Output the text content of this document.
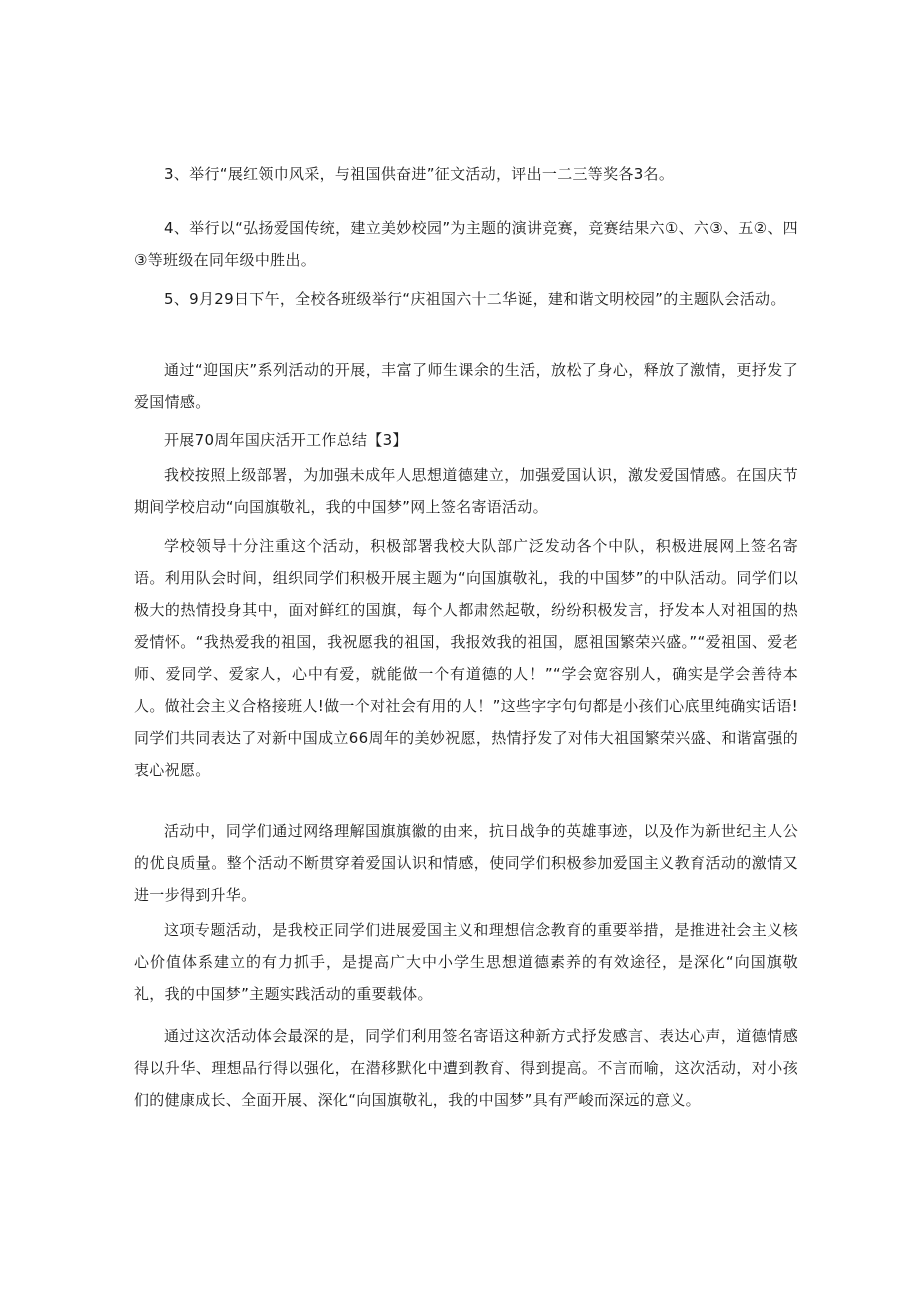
3、举行“展红领巾风采，与祖国供奋进”征文活动，评出一二三等奖各3名。

4、举行以“弘扬爱国传统，建立美妙校园”为主题的演讲竞赛，竞赛结果六①、六③、五②、四③等班级在同年级中胜出。

5、9月29日下午，全校各班级举行“庆祖国六十二华诞，建和谐文明校园”的主题队会活动。

通过“迎国庆”系列活动的开展，丰富了师生课余的生活，放松了身心，释放了激情，更抒发了爱国情感。

开展70周年国庆活开工作总结【3】

我校按照上级部署，为加强未成年人思想道德建立，加强爱国认识，激发爱国情感。在国庆节期间学校启动“向国旗敬礼，我的中国梦”网上签名寄语活动。

学校领导十分注重这个活动，积极部署我校大队部广泛发动各个中队，积极进展网上签名寄语。利用队会时间，组织同学们积极开展主题为“向国旗敬礼，我的中国梦”的中队活动。同学们以极大的热情投身其中，面对鲜红的国旗，每个人都肃然起敬，纷纷积极发言，抒发本人对祖国的热爱情怀。“我热爱我的祖国，我祝愿我的祖国，我报效我的祖国，愿祖国繁荣兴盛。”“爱祖国、爱老师、爱同学、爱家人，心中有爱，就能做一个有道德的人！”“学会宽容别人，确实是学会善待本人。做社会主义合格接班人!做一个对社会有用的人！”这些字字句句都是小孩们心底里纯确实话语!同学们共同表达了对新中国成立66周年的美妙祝愿，热情抒发了对伟大祖国繁荣兴盛、和谐富强的衷心祝愿。

活动中，同学们通过网络理解国旗旗徽的由来，抗日战争的英雄事迹，以及作为新世纪主人公的优良质量。整个活动不断贯穿着爱国认识和情感，使同学们积极参加爱国主义教育活动的激情又进一步得到升华。

这项专题活动，是我校正同学们进展爱国主义和理想信念教育的重要举措，是推进社会主义核心价值体系建立的有力抓手，是提高广大中小学生思想道德素养的有效途径，是深化“向国旗敬礼，我的中国梦”主题实践活动的重要载体。

通过这次活动体会最深的是，同学们利用签名寄语这种新方式抒发感言、表达心声，道德情感得以升华、理想品行得以强化，在潜移默化中遭到教育、得到提高。不言而喻，这次活动，对小孩们的健康成长、全面开展、深化“向国旗敬礼，我的中国梦”具有严峻而深远的意义。
